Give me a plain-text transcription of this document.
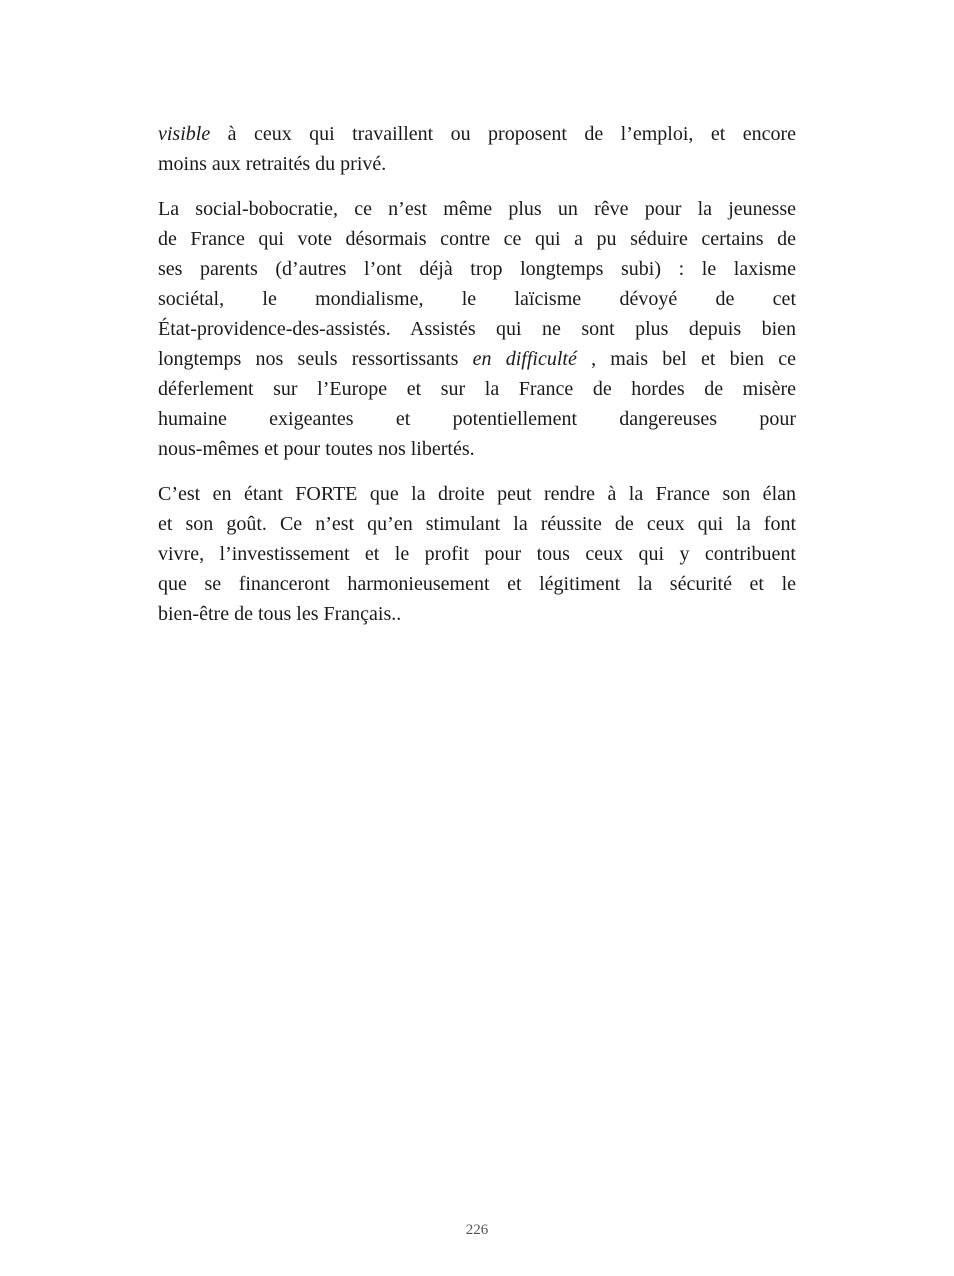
visible à ceux qui travaillent ou proposent de l’emploi, et encore
moins aux retraités du privé.

La social-bobocratie, ce n’est même plus un rêve pour la jeunesse
de France qui vote désormais contre ce qui a pu séduire certains de
ses parents (d’autres l’ont déjà trop longtemps subi) : le laxisme
sociétal, le mondialisme, le laïcisme dévoyé de cet
État-providence-des-assistés. Assistés qui ne sont plus depuis bien
longtemps nos seuls ressortissants en difficulté , mais bel et bien ce
déferlement sur l’Europe et sur la France de hordes de misère
humaine exigeantes et potentiellement dangereuses pour
nous-mêmes et pour toutes nos libertés.

C’est en étant FORTE que la droite peut rendre à la France son élan
et son goût. Ce n’est qu’en stimulant la réussite de ceux qui la font
vivre, l’investissement et le profit pour tous ceux qui y contribuent
que se financeront harmonieusement et légitiment la sécurité et le
bien-être de tous les Français..

226
